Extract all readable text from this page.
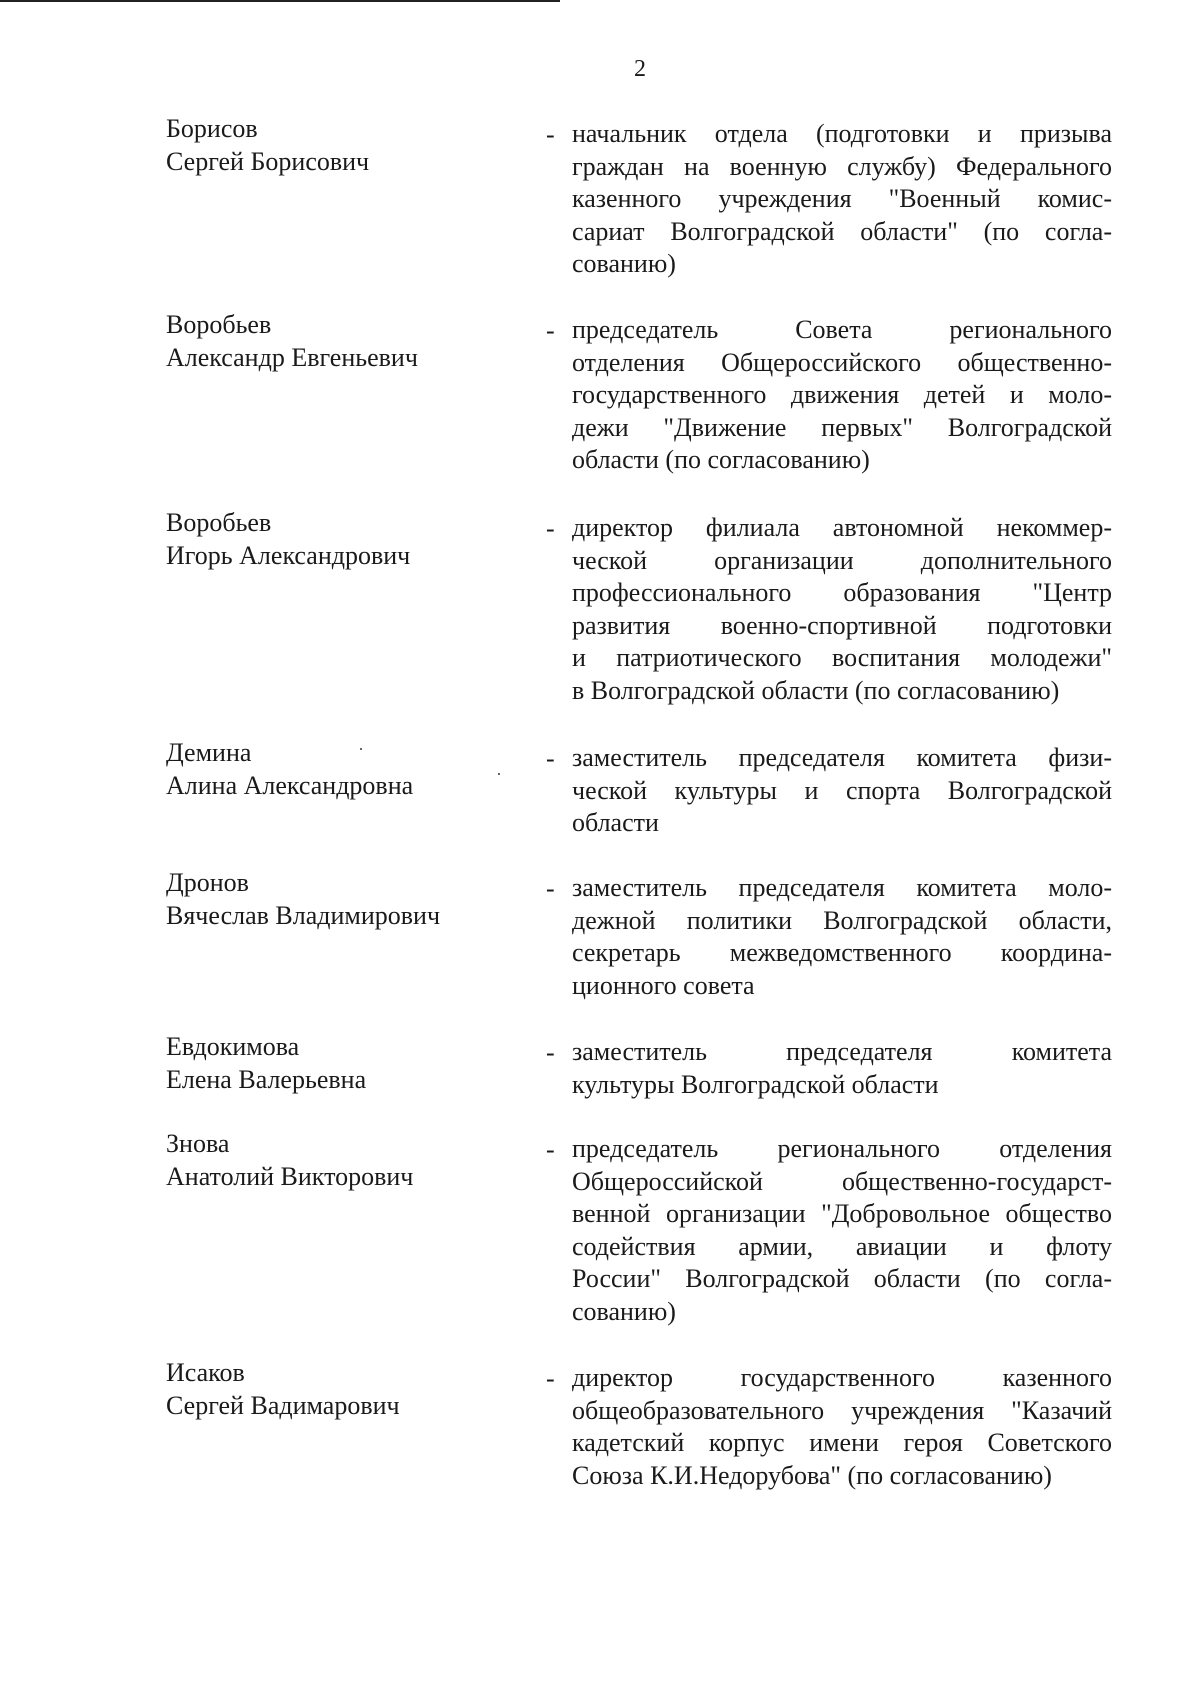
2
Борисов
Сергей Борисович
- начальник отдела (подготовки и призыва
граждан на военную службу) Федерального
казенного учреждения "Военный комис-
сариат Волгоградской области" (по согла-
сованию)
Воробьев
Александр Евгеньевич
- председатель Совета регионального
отделения Общероссийского общественно-
государственного движения детей и моло-
дежи "Движение первых" Волгоградской
области (по согласованию)
Воробьев
Игорь Александрович
- директор филиала автономной некоммер-
ческой организации дополнительного
профессионального образования "Центр
развития военно-спортивной подготовки
и патриотического воспитания молодежи"
в Волгоградской области (по согласованию)
Демина
Алина Александровна
- заместитель председателя комитета физи-
ческой культуры и спорта Волгоградской
области
Дронов
Вячеслав Владимирович
- заместитель председателя комитета моло-
дежной политики Волгоградской области,
секретарь межведомственного координа-
ционного совета
Евдокимова
Елена Валерьевна
- заместитель председателя комитета
культуры Волгоградской области
Знова
Анатолий Викторович
- председатель регионального отделения
Общероссийской общественно-государст-
венной организации "Добровольное общество
содействия армии, авиации и флоту
России" Волгоградской области (по согла-
сованию)
Исаков
Сергей Вадимарович
- директор государственного казенного
общеобразовательного учреждения "Казачий
кадетский корпус имени героя Советского
Союза К.И.Недорубова" (по согласованию)
